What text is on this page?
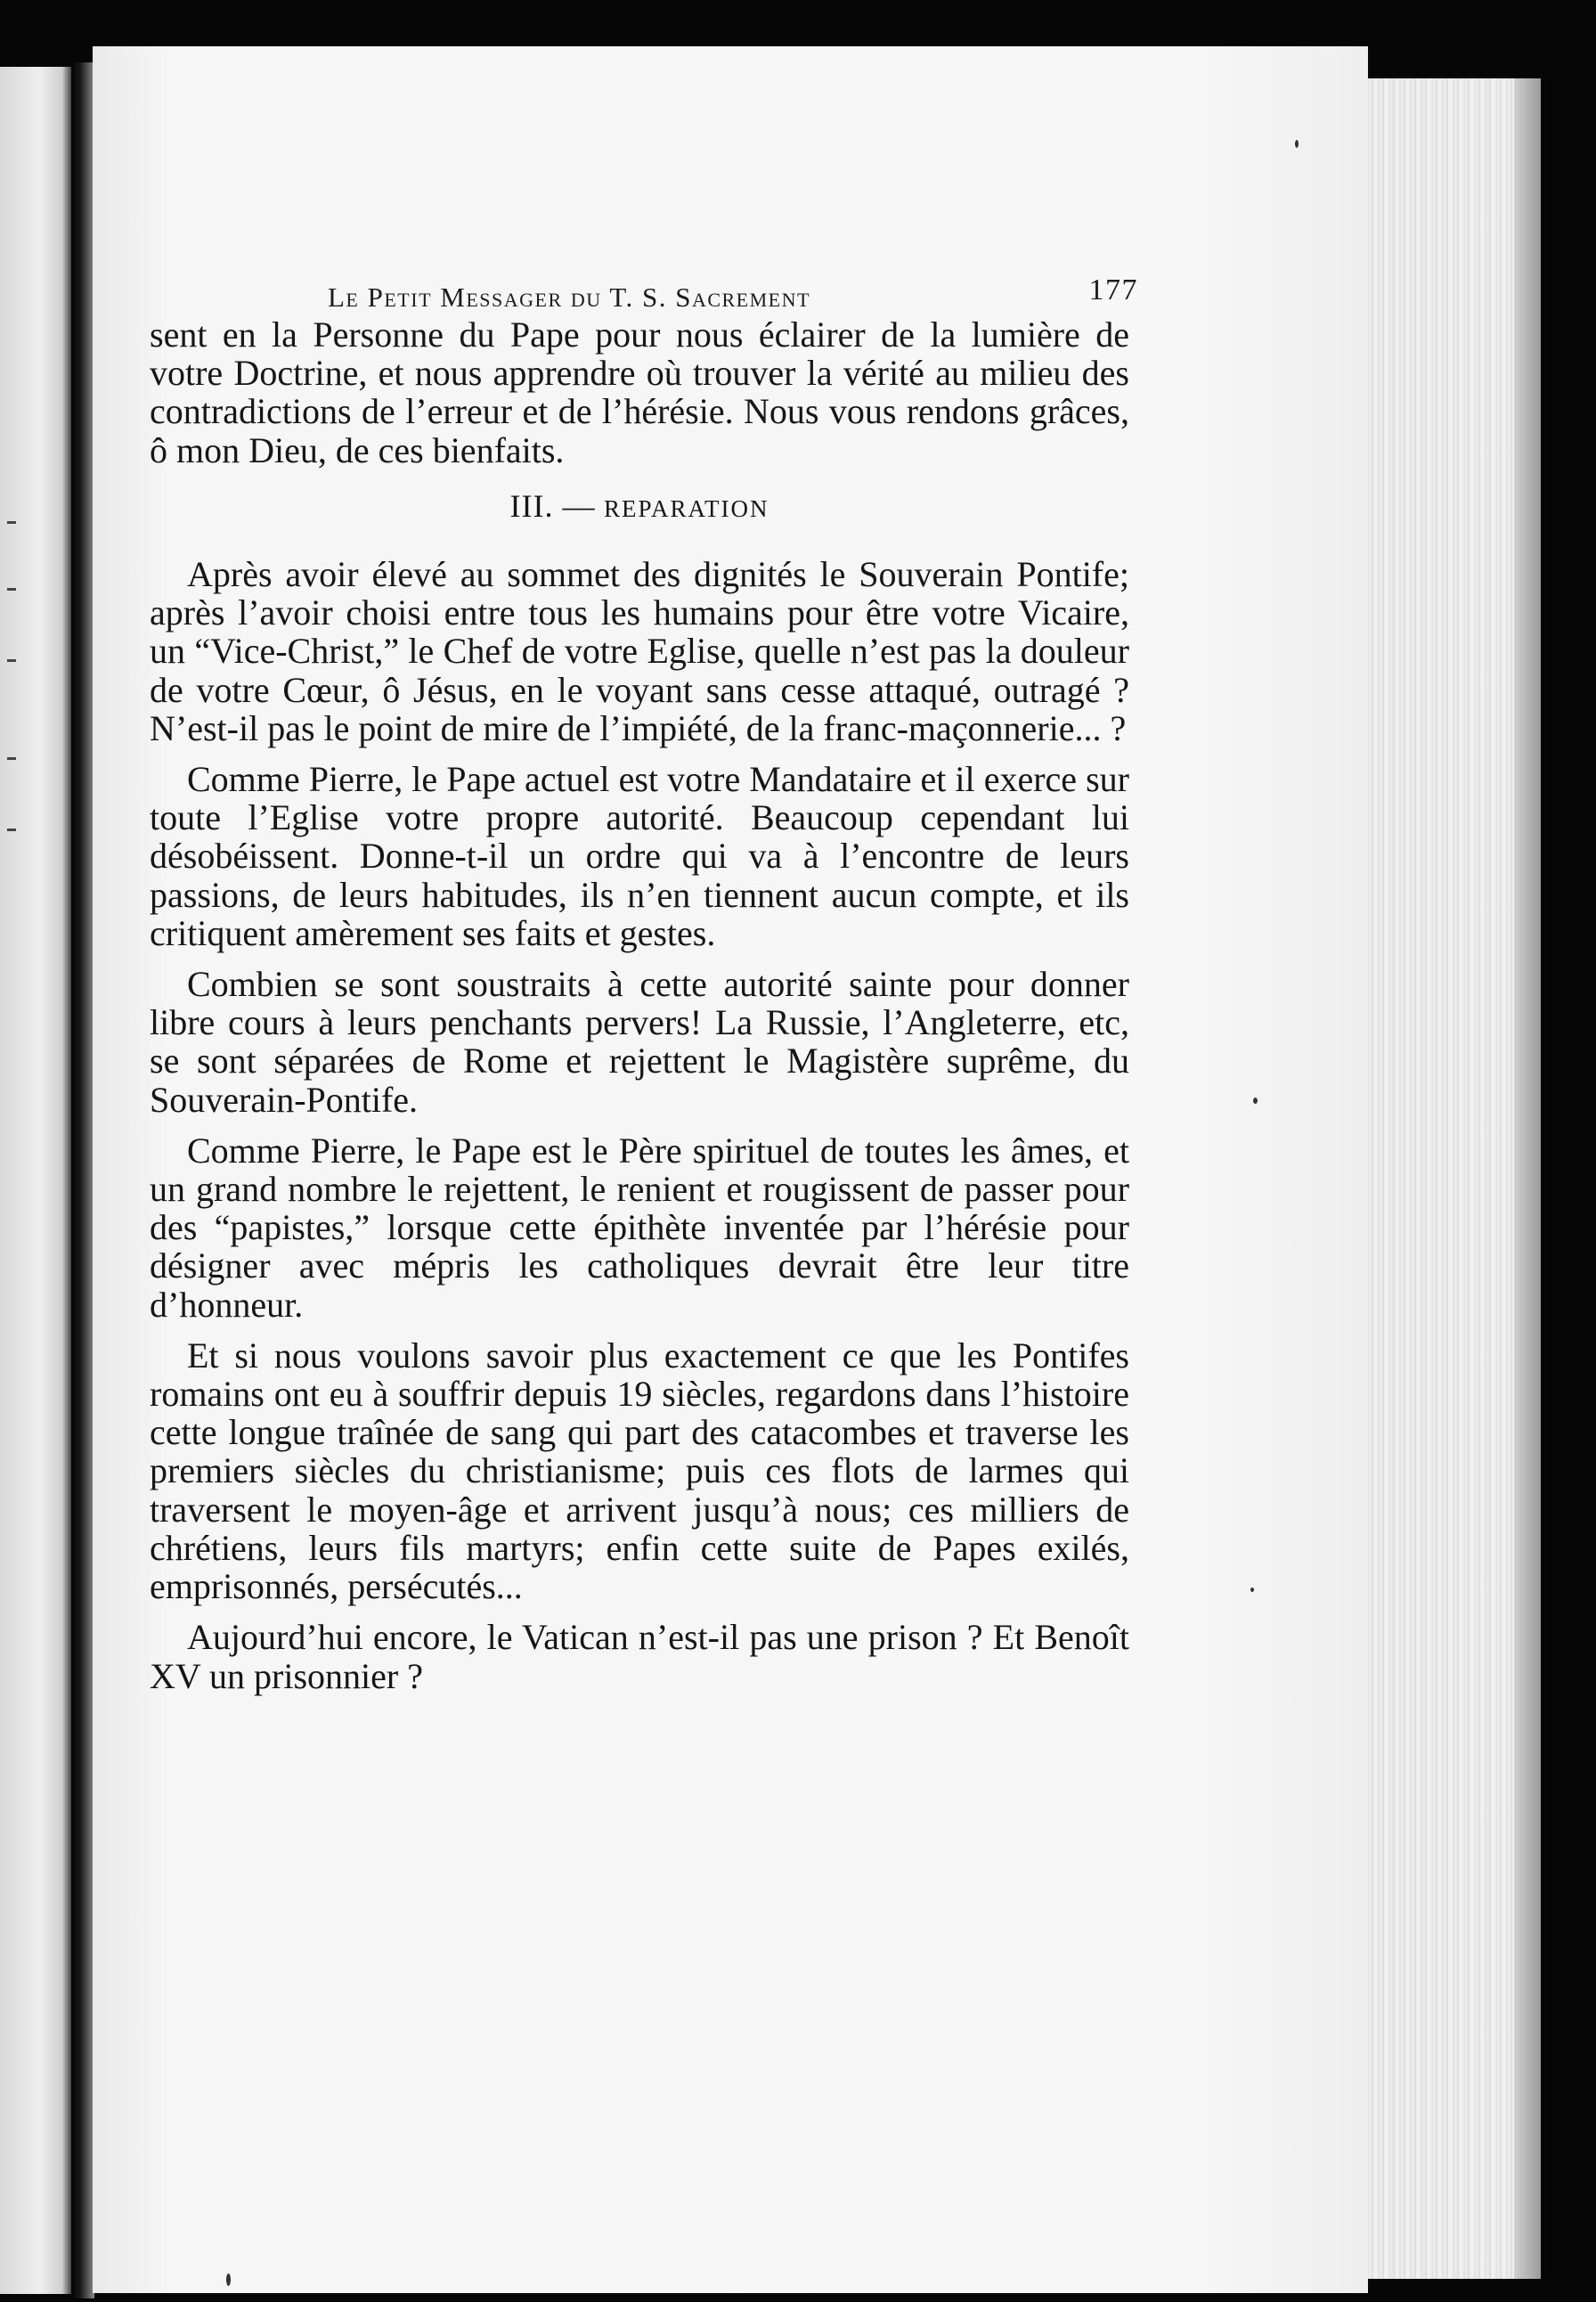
Le Petit Messager du T. S. Sacrement	177

sent en la Personne du Pape pour nous éclairer de la lumière de votre Doctrine, et nous apprendre où trouver la vérité au milieu des contradictions de l’erreur et de l’hérésie. Nous vous rendons grâces, ô mon Dieu, de ces bienfaits.

III. — REPARATION

Après avoir élevé au sommet des dignités le Souverain Pontife; après l’avoir choisi entre tous les humains pour être votre Vicaire, un “Vice-Christ,” le Chef de votre Eglise, quelle n’est pas la douleur de votre Cœur, ô Jésus, en le voyant sans cesse attaqué, outragé ? N’est-il pas le point de mire de l’impiété, de la franc-maçonnerie... ?

Comme Pierre, le Pape actuel est votre Mandataire et il exerce sur toute l’Eglise votre propre autorité. Beaucoup cependant lui désobéissent. Donne-t-il un ordre qui va à l’encontre de leurs passions, de leurs habitudes, ils n’en tiennent aucun compte, et ils critiquent amèrement ses faits et gestes.

Combien se sont soustraits à cette autorité sainte pour donner libre cours à leurs penchants pervers! La Russie, l’Angleterre, etc, se sont séparées de Rome et rejettent le Magistère suprême, du Souverain-Pontife.

Comme Pierre, le Pape est le Père spirituel de toutes les âmes, et un grand nombre le rejettent, le renient et rougissent de passer pour des “papistes,” lorsque cette épithète inventée par l’hérésie pour désigner avec mépris les catholiques devrait être leur titre d’honneur.

Et si nous voulons savoir plus exactement ce que les Pontifes romains ont eu à souffrir depuis 19 siècles, regardons dans l’histoire cette longue traînée de sang qui part des catacombes et traverse les premiers siècles du christianisme; puis ces flots de larmes qui traversent le moyen-âge et arrivent jusqu’à nous; ces milliers de chrétiens, leurs fils martyrs; enfin cette suite de Papes exilés, emprisonnés, persécutés...

Aujourd’hui encore, le Vatican n’est-il pas une prison ? Et Benoît XV un prisonnier ?
